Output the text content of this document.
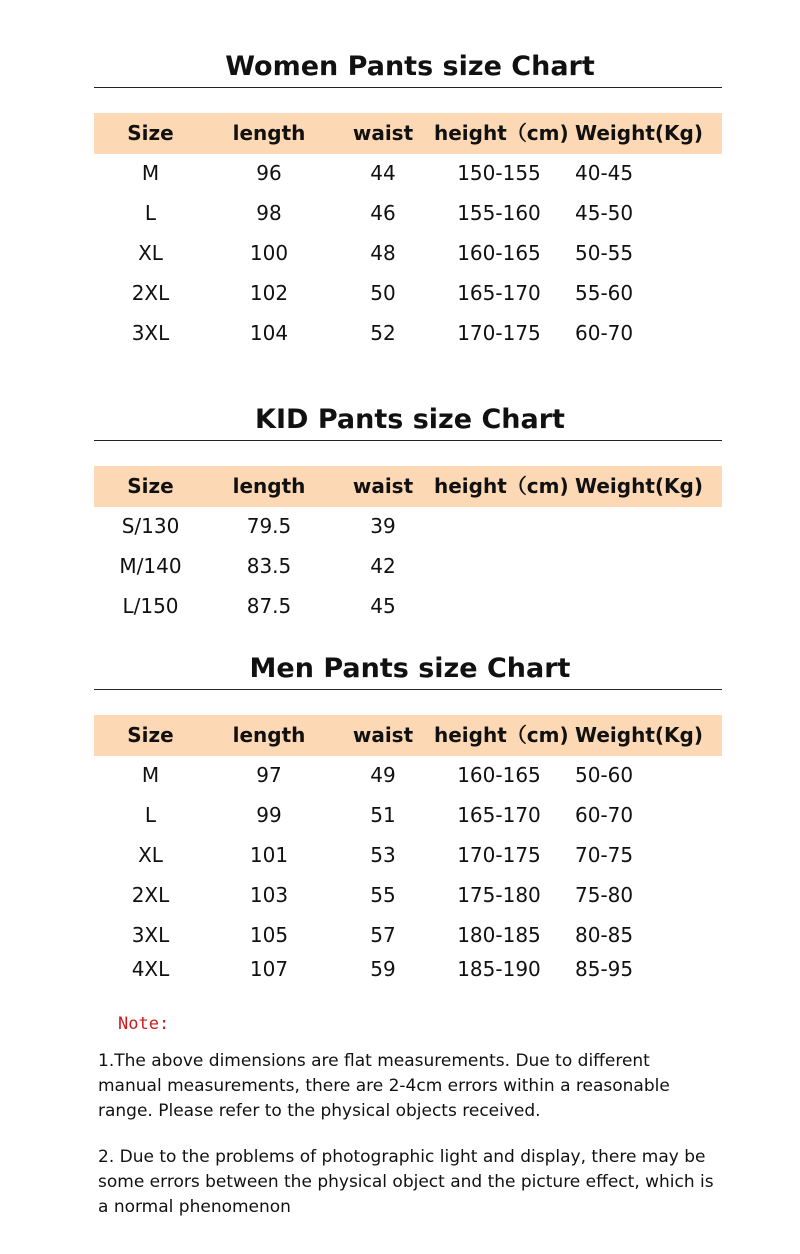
Women Pants size Chart
Size	length	waist	height（cm) Weight(Kg)
M	96	44	150-155	40-45
L	98	46	155-160	45-50
XL	100	48	160-165	50-55
2XL	102	50	165-170	55-60
3XL	104	52	170-175	60-70
KID Pants size Chart
Size	length	waist	height（cm) Weight(Kg)
S/130	79.5	39
M/140	83.5	42
L/150	87.5	45
Men Pants size Chart
Size	length	waist	height（cm) Weight(Kg)
M	97	49	160-165	50-60
L	99	51	165-170	60-70
XL	101	53	170-175	70-75
2XL	103	55	175-180	75-80
3XL	105	57	180-185	80-85
4XL	107	59	185-190	85-95
Note:
1.The above dimensions are flat measurements. Due to different manual measurements, there are 2-4cm errors within a reasonable range. Please refer to the physical objects received.
2. Due to the problems of photographic light and display, there may be some errors between the physical object and the picture effect, which is a normal phenomenon
